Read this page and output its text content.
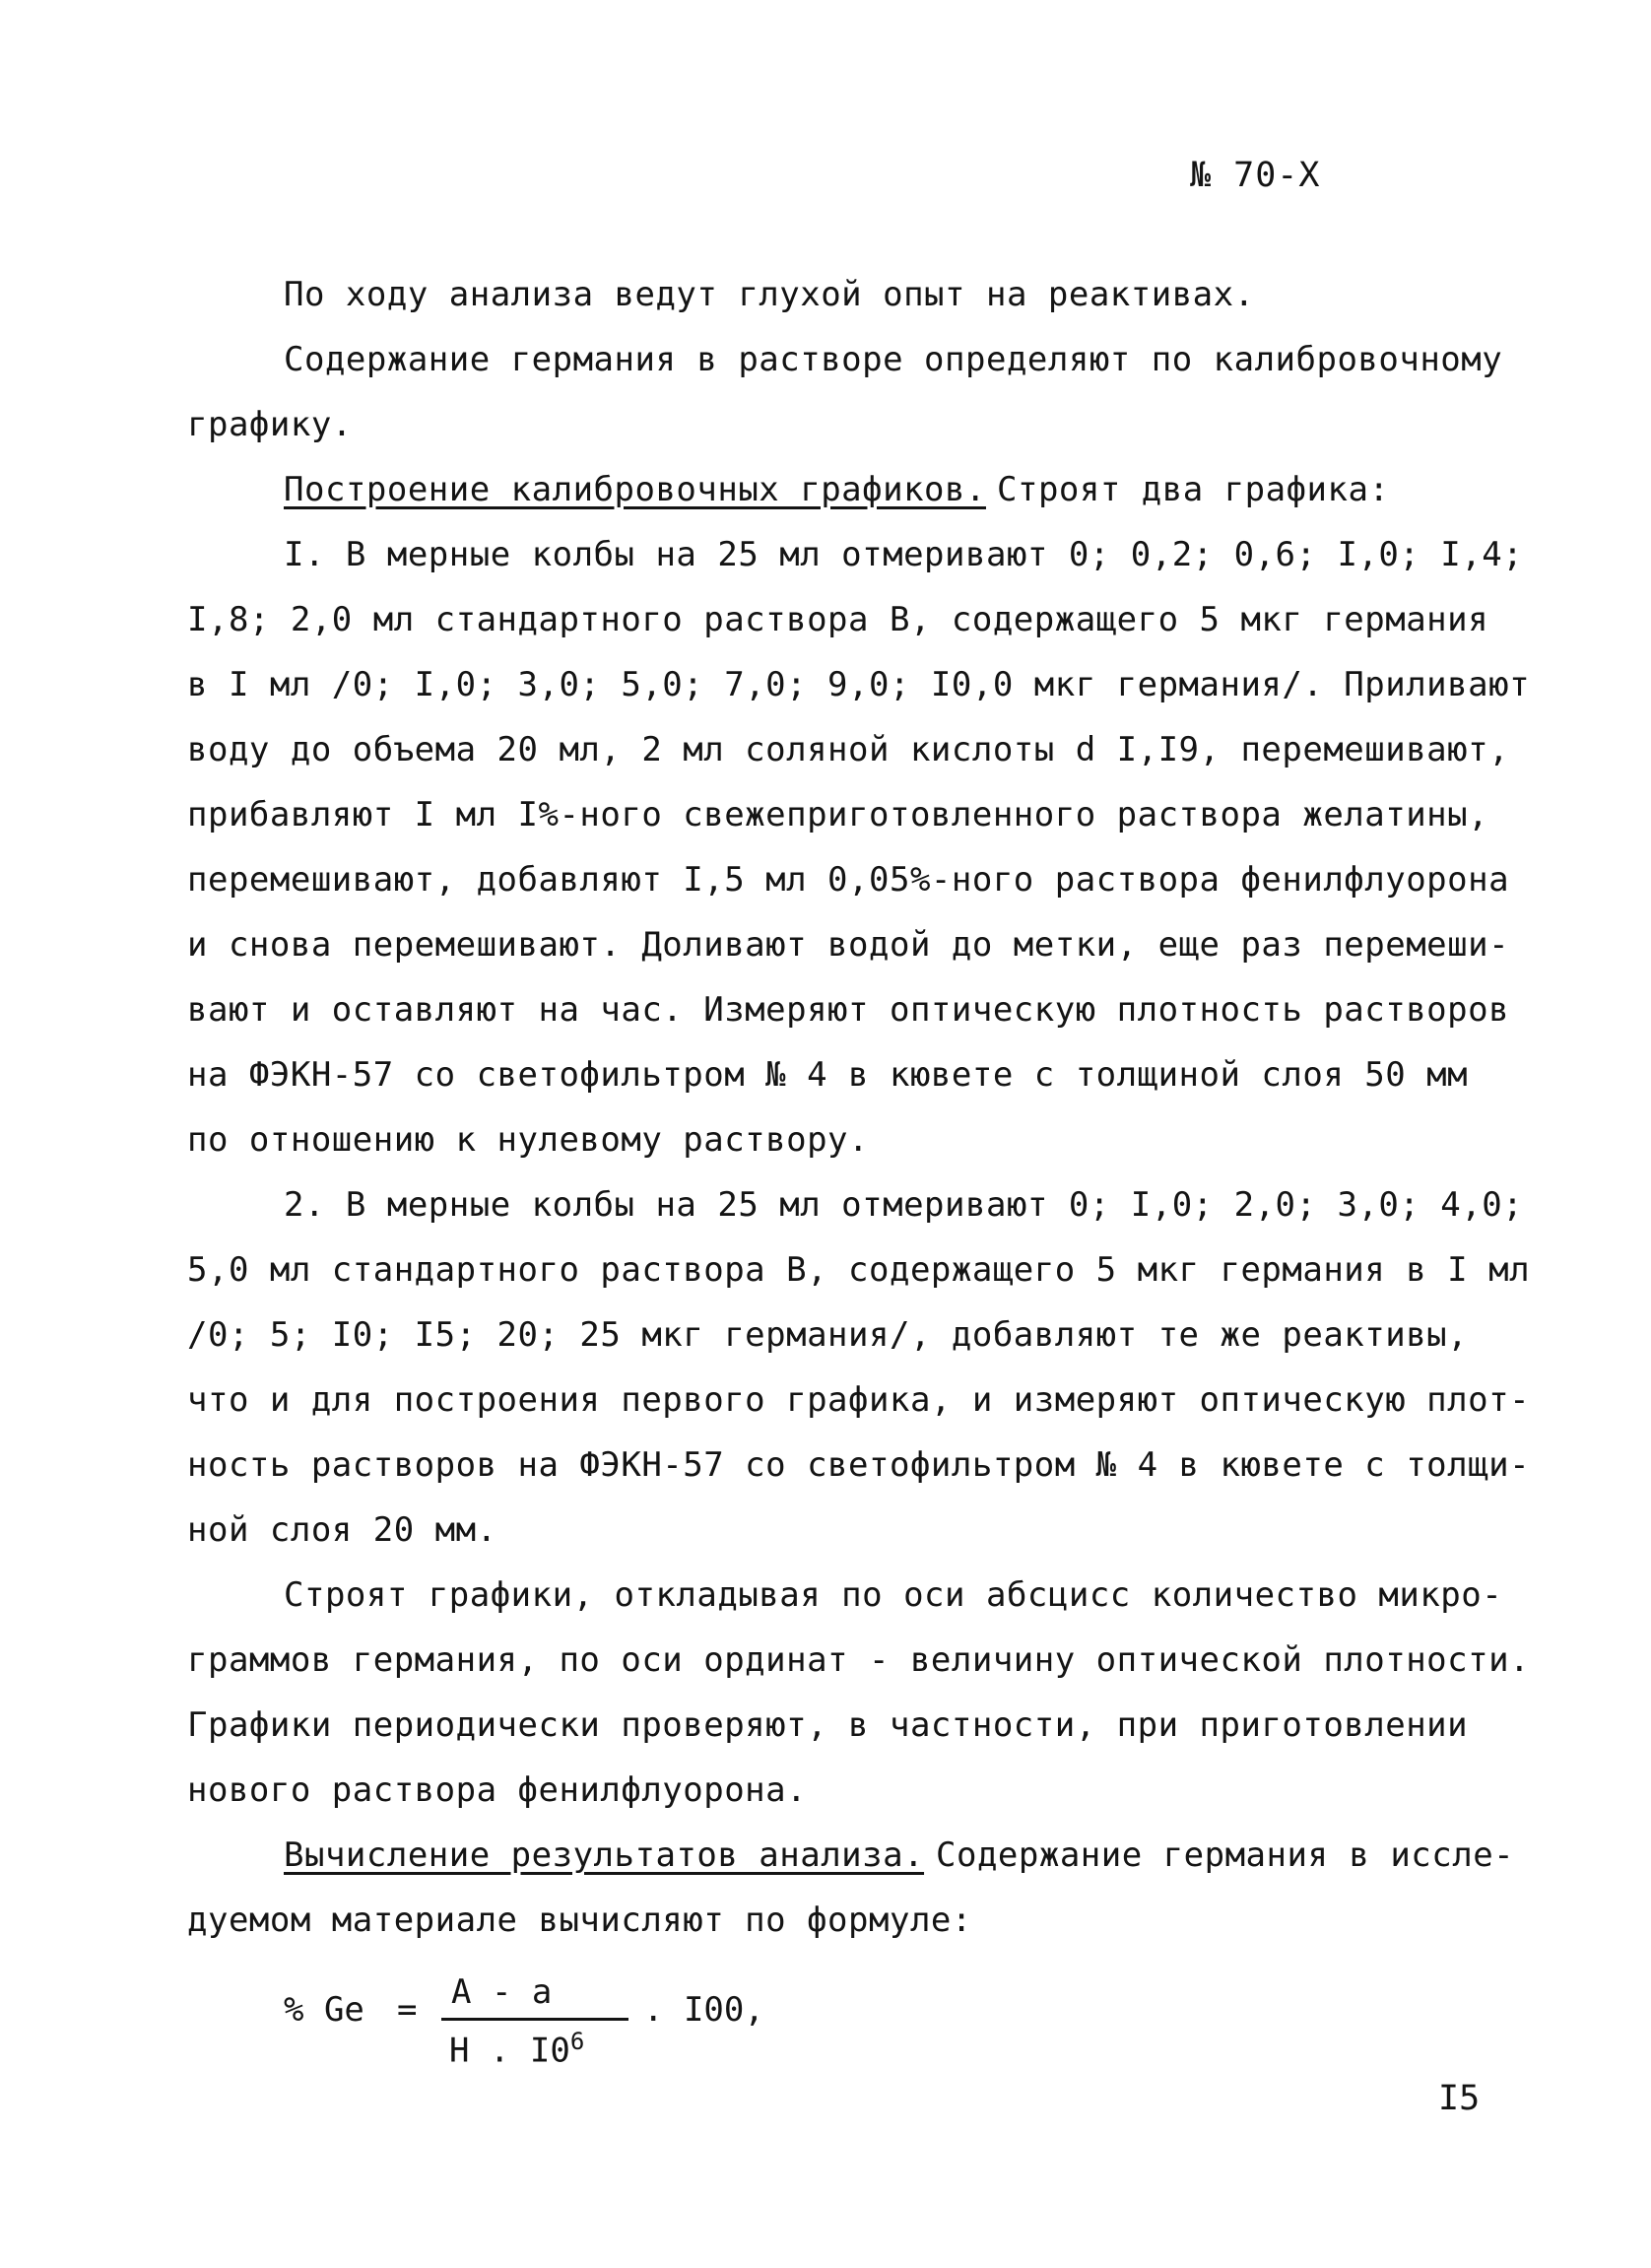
№ 70-X
По ходу анализа ведут глухой опыт на реактивах.
Содержание германия в растворе определяют по калибровочному
графику.
Построение_калибровочных_графиков. Строят два графика:
I. В мерные колбы на 25 мл отмеривают 0; 0,2; 0,6; I,0; I,4;
I,8; 2,0 мл стандартного раствора В, содержащего 5 мкг германия
в I мл /0; I,0; 3,0; 5,0; 7,0; 9,0; I0,0 мкг германия/. Приливают
воду до объема 20 мл, 2 мл соляной кислоты d I,I9, перемешивают,
прибавляют I мл I%-ного свежеприготовленного раствора желатины,
перемешивают, добавляют I,5 мл 0,05%-ного раствора фенилфлуорона
и снова перемешивают. Доливают водой до метки, еще раз перемеши-
вают и оставляют на час. Измеряют оптическую плотность растворов
на ФЭКН-57 со светофильтром № 4 в кювете с толщиной слоя 50 мм
по отношению к нулевому раствору.
2. В мерные колбы на 25 мл отмеривают 0; I,0; 2,0; 3,0; 4,0;
5,0 мл стандартного раствора В, содержащего 5 мкг германия в I мл
/0; 5; I0; I5; 20; 25 мкг германия/, добавляют те же реактивы,
что и для построения первого графика, и измеряют оптическую плот-
ность растворов на ФЭКН-57 со светофильтром № 4 в кювете с толщи-
ной слоя 20 мм.
Строят графики, откладывая по оси абсцисс количество микро-
граммов германия, по оси ординат - величину оптической плотности.
Графики периодически проверяют, в частности, при приготовлении
нового раствора фенилфлуорона.
Вычисление_результатов_анализа. Содержание германия в иссле-
дуемом материале вычисляют по формуле:
% Ge = A - a
H . $I0^6$
. I00,
I5
